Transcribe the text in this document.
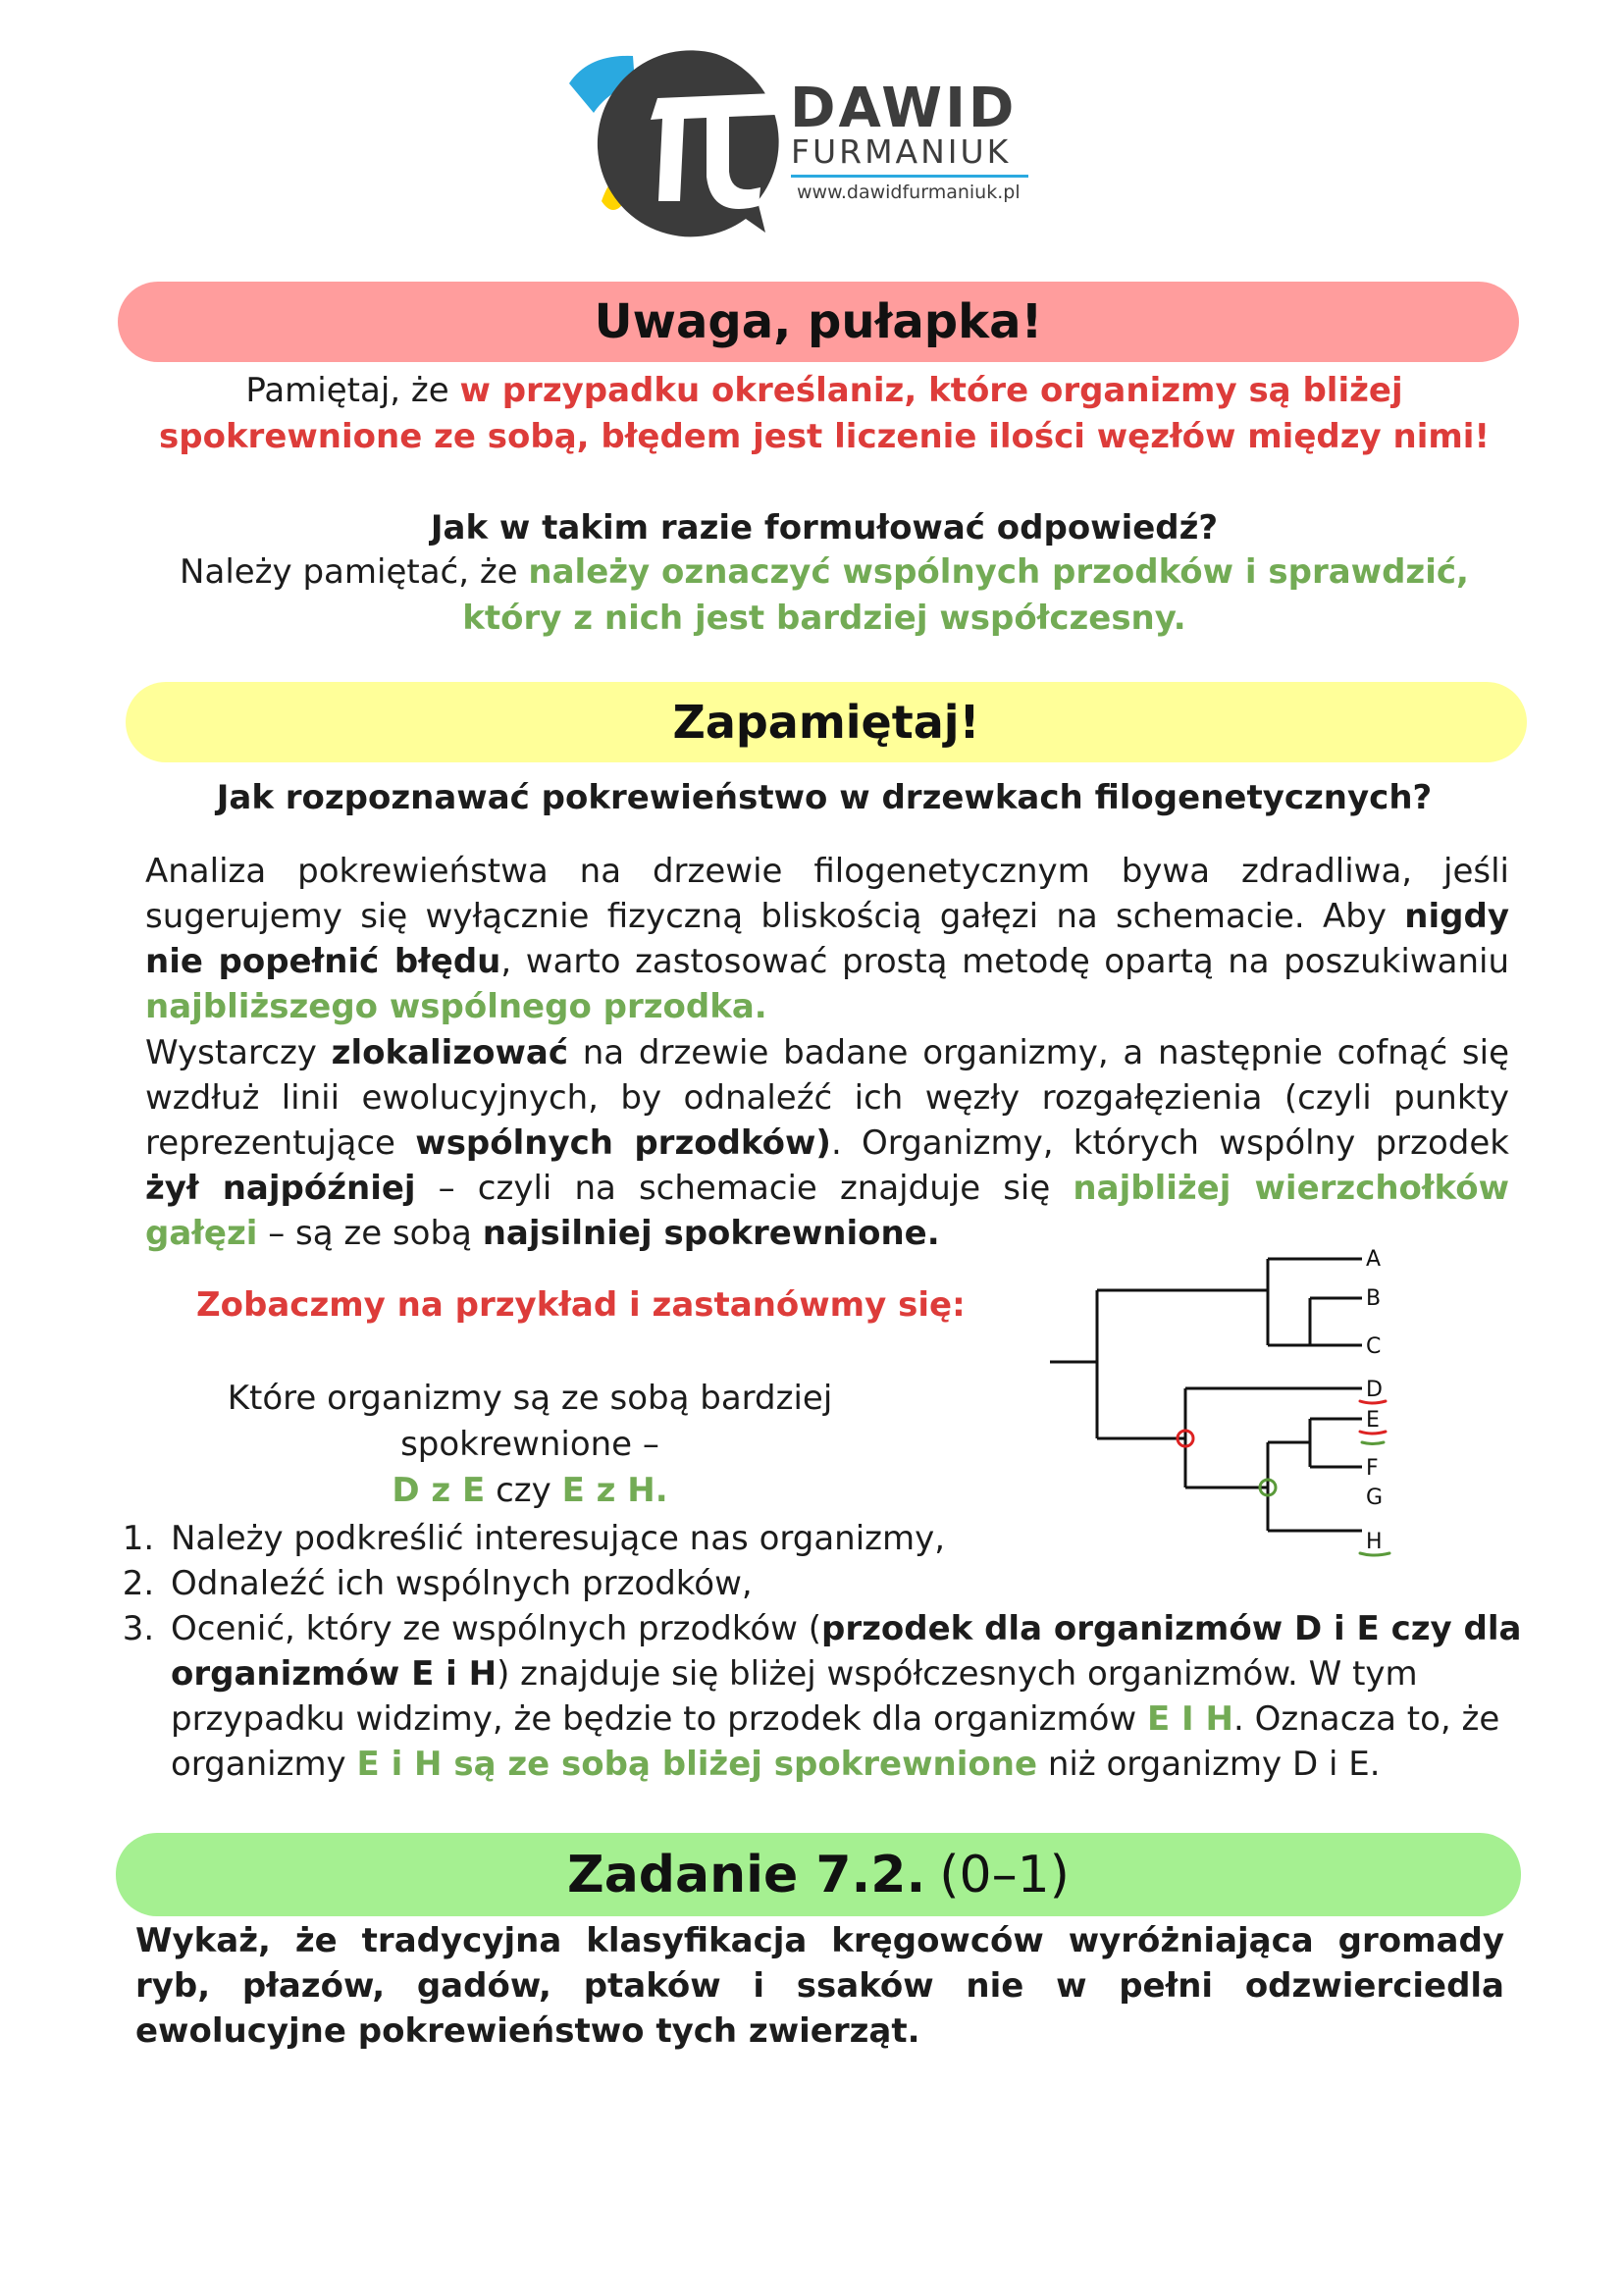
DAWID
FURMANIUK
www.dawidfurmaniuk.pl
Uwaga, pułapka!
Pamiętaj, że w przypadku określaniz, które organizmy są bliżej spokrewnione ze sobą, błędem jest liczenie ilości węzłów między nimi!
Jak w takim razie formułować odpowiedź?
Należy pamiętać, że należy oznaczyć wspólnych przodków i sprawdzić, który z nich jest bardziej współczesny.
Zapamiętaj!
Jak rozpoznawać pokrewieństwo w drzewkach filogenetycznych?
Analiza pokrewieństwa na drzewie filogenetycznym bywa zdradliwa, jeśli sugerujemy się wyłącznie fizyczną bliskością gałęzi na schemacie. Aby nigdy nie popełnić błędu, warto zastosować prostą metodę opartą na poszukiwaniu najbliższego wspólnego przodka.
Wystarczy zlokalizować na drzewie badane organizmy, a następnie cofnąć się wzdłuż linii ewolucyjnych, by odnaleźć ich węzły rozgałęzienia (czyli punkty reprezentujące wspólnych przodków). Organizmy, których wspólny przodek żył najpóźniej – czyli na schemacie znajduje się najbliżej wierzchołków gałęzi – są ze sobą najsilniej spokrewnione.
Zobaczmy na przykład i zastanówmy się:
Które organizmy są ze sobą bardziej spokrewnione –
D z E czy E z H.
A
B
C
D
E
F
G
H
1. Należy podkreślić interesujące nas organizmy,
2. Odnaleźć ich wspólnych przodków,
3. Ocenić, który ze wspólnych przodków (przodek dla organizmów D i E czy dla organizmów E i H) znajduje się bliżej współczesnych organizmów. W tym przypadku widzimy, że będzie to przodek dla organizmów E I H. Oznacza to, że organizmy E i H są ze sobą bliżej spokrewnione niż organizmy D i E.
Zadanie 7.2. (0–1)
Wykaż, że tradycyjna klasyfikacja kręgowców wyróżniająca gromady ryb, płazów, gadów, ptaków i ssaków nie w pełni odzwierciedla ewolucyjne pokrewieństwo tych zwierząt.
